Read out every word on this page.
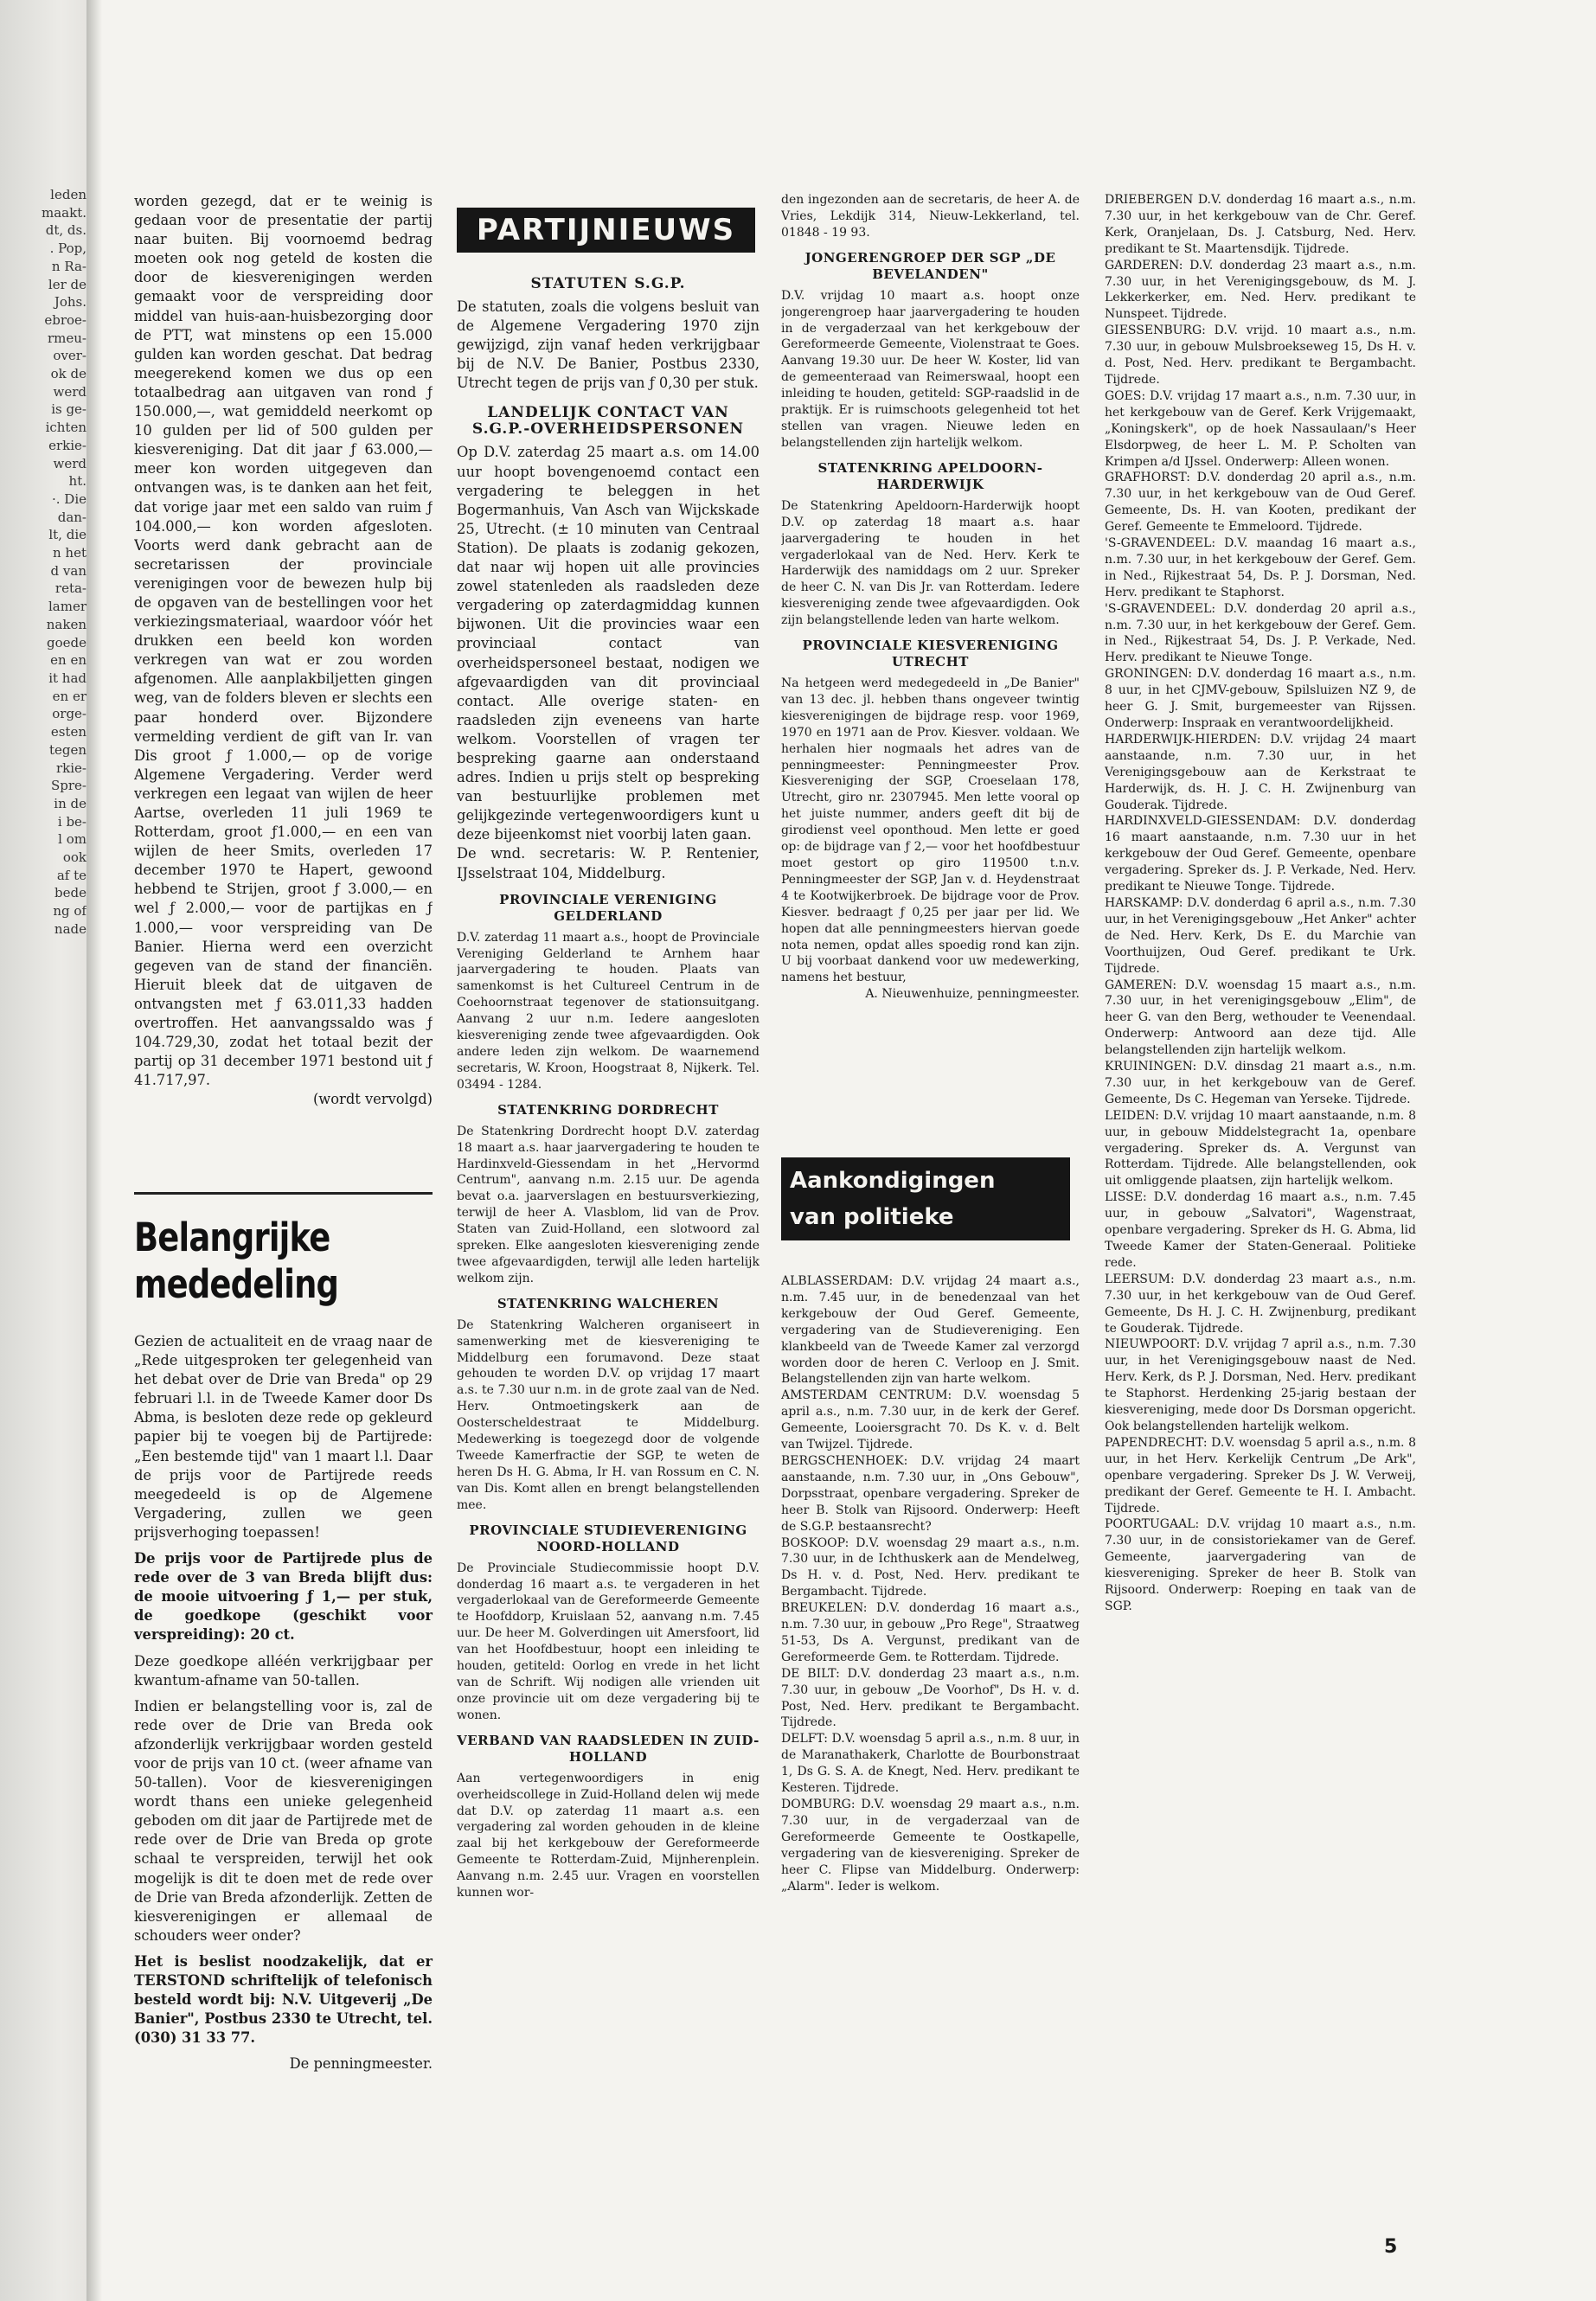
leden
maakt.
dt, ds.
. Pop,
n Ra-
ler de
Johs.
ebroe-
rmeu-
over-
ok de
werd
is ge-
ichten
erkie-
werd
ht.
·. Die
dan-
lt, die
n het
d van
reta-
lamer
naken
goede
en en
it had
en er
orge-
esten
tegen
rkie-
Spre-
in de
i be-
l om
ook
af te
bede
ng of
nade

worden gezegd, dat er te weinig is gedaan voor de presentatie der partij naar buiten. Bij voornoemd bedrag moeten ook nog geteld de kosten die door de kiesverenigingen werden gemaakt voor de verspreiding door middel van huis-aan-huisbezorging door de PTT, wat minstens op een 15.000 gulden kan worden geschat. Dat bedrag meegerekend komen we dus op een totaalbedrag aan uitgaven van rond ƒ 150.000,—, wat gemiddeld neerkomt op 10 gulden per lid of 500 gulden per kiesvereniging. Dat dit jaar ƒ 63.000,— meer kon worden uitgegeven dan ontvangen was, is te danken aan het feit, dat vorige jaar met een saldo van ruim ƒ 104.000,— kon worden afgesloten. Voorts werd dank gebracht aan de secretarissen der provinciale verenigingen voor de bewezen hulp bij de opgaven van de bestellingen voor het verkiezingsmateriaal, waardoor vóór het drukken een beeld kon worden verkregen van wat er zou worden afgenomen. Alle aanplakbiljetten gingen weg, van de folders bleven er slechts een paar honderd over. Bijzondere vermelding verdient de gift van Ir. van Dis groot ƒ 1.000,— op de vorige Algemene Vergadering. Verder werd verkregen een legaat van wijlen de heer Aartse, overleden 11 juli 1969 te Rotterdam, groot ƒ1.000,— en een van wijlen de heer Smits, overleden 17 december 1970 te Hapert, gewoond hebbend te Strijen, groot ƒ 3.000,— en wel ƒ 2.000,— voor de partijkas en ƒ 1.000,— voor verspreiding van De Banier. Hierna werd een overzicht gegeven van de stand der financiën. Hieruit bleek dat de uitgaven de ontvangsten met ƒ 63.011,33 hadden overtroffen. Het aanvangssaldo was ƒ 104.729,30, zodat het totaal bezit der partij op 31 december 1971 bestond uit ƒ 41.717,97.

(wordt vervolgd)
Belangrijke
mededeling

Gezien de actualiteit en de vraag naar de „Rede uitgesproken ter gelegenheid van het debat over de Drie van Breda" op 29 februari l.l. in de Tweede Kamer door Ds Abma, is besloten deze rede op gekleurd papier bij te voegen bij de Partijrede: „Een bestemde tijd" van 1 maart l.l. Daar de prijs voor de Partijrede reeds meegedeeld is op de Algemene Vergadering, zullen we geen prijsverhoging toepassen!

De prijs voor de Partijrede plus de rede over de 3 van Breda blijft dus: de mooie uitvoering ƒ 1,— per stuk, de goedkope (geschikt voor verspreiding): 20 ct.

Deze goedkope alléén verkrijgbaar per kwantum-afname van 50-tallen.

Indien er belangstelling voor is, zal de rede over de Drie van Breda ook afzonderlijk verkrijgbaar worden gesteld voor de prijs van 10 ct. (weer afname van 50-tallen). Voor de kiesverenigingen wordt thans een unieke gelegenheid geboden om dit jaar de Partijrede met de rede over de Drie van Breda op grote schaal te verspreiden, terwijl het ook mogelijk is dit te doen met de rede over de Drie van Breda afzonderlijk. Zetten de kiesverenigingen er allemaal de schouders weer onder?

Het is beslist noodzakelijk, dat er TERSTOND schriftelijk of telefonisch besteld wordt bij: N.V. Uitgeverij „De Banier", Postbus 2330 te Utrecht, tel. (030) 31 33 77.

De penningmeester.
PARTIJNIEUWS
STATUTEN S.G.P.

De statuten, zoals die volgens besluit van de Algemene Vergadering 1970 zijn gewijzigd, zijn vanaf heden verkrijgbaar bij de N.V. De Banier, Postbus 2330, Utrecht tegen de prijs van ƒ 0,30 per stuk.

LANDELIJK CONTACT VAN S.G.P.-OVERHEIDSPERSONEN

Op D.V. zaterdag 25 maart a.s. om 14.00 uur hoopt bovengenoemd contact een vergadering te beleggen in het Bogermanhuis, Van Asch van Wijckskade 25, Utrecht. (± 10 minuten van Centraal Station). De plaats is zodanig gekozen, dat naar wij hopen uit alle provincies zowel statenleden als raadsleden deze vergadering op zaterdagmiddag kunnen bijwonen. Uit die provincies waar een provinciaal contact van overheidspersoneel bestaat, nodigen we afgevaardigden van dit provinciaal contact. Alle overige staten- en raadsleden zijn eveneens van harte welkom. Voorstellen of vragen ter bespreking gaarne aan onderstaand adres. Indien u prijs stelt op bespreking van bestuurlijke problemen met gelijkgezinde vertegenwoordigers kunt u deze bijeenkomst niet voorbij laten gaan.

De wnd. secretaris: W. P. Rentenier, IJsselstraat 104, Middelburg.

PROVINCIALE VERENIGING GELDERLAND

D.V. zaterdag 11 maart a.s., hoopt de Provinciale Vereniging Gelderland te Arnhem haar jaarvergadering te houden. Plaats van samenkomst is het Cultureel Centrum in de Coehoornstraat tegenover de stationsuitgang. Aanvang 2 uur n.m. Iedere aangesloten kiesvereniging zende twee afgevaardigden. Ook andere leden zijn welkom. De waarnemend secretaris, W. Kroon, Hoogstraat 8, Nijkerk. Tel. 03494 - 1284.

STATENKRING DORDRECHT

De Statenkring Dordrecht hoopt D.V. zaterdag 18 maart a.s. haar jaarvergadering te houden te Hardinxveld-Giessendam in het „Hervormd Centrum", aanvang n.m. 2.15 uur. De agenda bevat o.a. jaarverslagen en bestuursverkiezing, terwijl de heer A. Vlasblom, lid van de Prov. Staten van Zuid-Holland, een slotwoord zal spreken. Elke aangesloten kiesvereniging zende twee afgevaardigden, terwijl alle leden hartelijk welkom zijn.

STATENKRING WALCHEREN

De Statenkring Walcheren organiseert in samenwerking met de kiesvereniging te Middelburg een forumavond. Deze staat gehouden te worden D.V. op vrijdag 17 maart a.s. te 7.30 uur n.m. in de grote zaal van de Ned. Herv. Ontmoetingskerk aan de Oosterscheldestraat te Middelburg. Medewerking is toegezegd door de volgende Tweede Kamerfractie der SGP, te weten de heren Ds H. G. Abma, Ir H. van Rossum en C. N. van Dis. Komt allen en brengt belangstellenden mee.

PROVINCIALE STUDIEVERENIGING NOORD-HOLLAND

De Provinciale Studiecommissie hoopt D.V. donderdag 16 maart a.s. te vergaderen in het vergaderlokaal van de Gereformeerde Gemeente te Hoofddorp, Kruislaan 52, aanvang n.m. 7.45 uur. De heer M. Golverdingen uit Amersfoort, lid van het Hoofdbestuur, hoopt een inleiding te houden, getiteld: Oorlog en vrede in het licht van de Schrift. Wij nodigen alle vrienden uit onze provincie uit om deze vergadering bij te wonen.

VERBAND VAN RAADSLEDEN IN ZUID-HOLLAND

Aan vertegenwoordigers in enig overheidscollege in Zuid-Holland delen wij mede dat D.V. op zaterdag 11 maart a.s. een vergadering zal worden gehouden in de kleine zaal bij het kerkgebouw der Gereformeerde Gemeente te Rotterdam-Zuid, Mijnherenplein. Aanvang n.m. 2.45 uur. Vragen en voorstellen kunnen wor-

den ingezonden aan de secretaris, de heer A. de Vries, Lekdijk 314, Nieuw-Lekkerland, tel. 01848 - 19 93.

JONGERENGROEP DER SGP „DE BEVELANDEN"

D.V. vrijdag 10 maart a.s. hoopt onze jongerengroep haar jaarvergadering te houden in de vergaderzaal van het kerkgebouw der Gereformeerde Gemeente, Violenstraat te Goes. Aanvang 19.30 uur. De heer W. Koster, lid van de gemeenteraad van Reimerswaal, hoopt een inleiding te houden, getiteld: SGP-raadslid in de praktijk. Er is ruimschoots gelegenheid tot het stellen van vragen. Nieuwe leden en belangstellenden zijn hartelijk welkom.

STATENKRING APELDOORN-HARDERWIJK

De Statenkring Apeldoorn-Harderwijk hoopt D.V. op zaterdag 18 maart a.s. haar jaarvergadering te houden in het vergaderlokaal van de Ned. Herv. Kerk te Harderwijk des namiddags om 2 uur. Spreker de heer C. N. van Dis Jr. van Rotterdam. Iedere kiesvereniging zende twee afgevaardigden. Ook zijn belangstellende leden van harte welkom.

PROVINCIALE KIESVERENIGING UTRECHT

Na hetgeen werd medegedeeld in „De Banier" van 13 dec. jl. hebben thans ongeveer twintig kiesverenigingen de bijdrage resp. voor 1969, 1970 en 1971 aan de Prov. Kiesver. voldaan. We herhalen hier nogmaals het adres van de penningmeester: Penningmeester Prov. Kiesvereniging der SGP, Croeselaan 178, Utrecht, giro nr. 2307945. Men lette vooral op het juiste nummer, anders geeft dit bij de girodienst veel oponthoud. Men lette er goed op: de bijdrage van ƒ 2,— voor het hoofdbestuur moet gestort op giro 119500 t.n.v. Penningmeester der SGP, Jan v. d. Heydenstraat 4 te Kootwijkerbroek. De bijdrage voor de Prov. Kiesver. bedraagt ƒ 0,25 per jaar per lid. We hopen dat alle penningmeesters hiervan goede nota nemen, opdat alles spoedig rond kan zijn. U bij voorbaat dankend voor uw medewerking, namens het bestuur,

A. Nieuwenhuize, penningmeester.
Aankondigingen
van politieke vergaderingen

ALBLASSERDAM: D.V. vrijdag 24 maart a.s., n.m. 7.45 uur, in de benedenzaal van het kerkgebouw der Oud Geref. Gemeente, vergadering van de Studievereniging. Een klankbeeld van de Tweede Kamer zal verzorgd worden door de heren C. Verloop en J. Smit. Belangstellenden zijn van harte welkom.

AMSTERDAM CENTRUM: D.V. woensdag 5 april a.s., n.m. 7.30 uur, in de kerk der Geref. Gemeente, Looiersgracht 70. Ds K. v. d. Belt van Twijzel. Tijdrede.

BERGSCHENHOEK: D.V. vrijdag 24 maart aanstaande, n.m. 7.30 uur, in „Ons Gebouw", Dorpsstraat, openbare vergadering. Spreker de heer B. Stolk van Rijsoord. Onderwerp: Heeft de S.G.P. bestaansrecht?

BOSKOOP: D.V. woensdag 29 maart a.s., n.m. 7.30 uur, in de Ichthuskerk aan de Mendelweg, Ds H. v. d. Post, Ned. Herv. predikant te Bergambacht. Tijdrede.

BREUKELEN: D.V. donderdag 16 maart a.s., n.m. 7.30 uur, in gebouw „Pro Rege", Straatweg 51-53, Ds A. Vergunst, predikant van de Gereformeerde Gem. te Rotterdam. Tijdrede.

DE BILT: D.V. donderdag 23 maart a.s., n.m. 7.30 uur, in gebouw „De Voorhof", Ds H. v. d. Post, Ned. Herv. predikant te Bergambacht. Tijdrede.

DELFT: D.V. woensdag 5 april a.s., n.m. 8 uur, in de Maranathakerk, Charlotte de Bourbonstraat 1, Ds G. S. A. de Knegt, Ned. Herv. predikant te Kesteren. Tijdrede.

DOMBURG: D.V. woensdag 29 maart a.s., n.m. 7.30 uur, in de vergaderzaal van de Gereformeerde Gemeente te Oostkapelle, vergadering van de kiesvereniging. Spreker de heer C. Flipse van Middelburg. Onderwerp: „Alarm". Ieder is welkom.

DRIEBERGEN D.V. donderdag 16 maart a.s., n.m. 7.30 uur, in het kerkgebouw van de Chr. Geref. Kerk, Oranjelaan, Ds. J. Catsburg, Ned. Herv. predikant te St. Maartensdijk. Tijdrede.

GARDEREN: D.V. donderdag 23 maart a.s., n.m. 7.30 uur, in het Verenigingsgebouw, ds M. J. Lekkerkerker, em. Ned. Herv. predikant te Nunspeet. Tijdrede.

GIESSENBURG: D.V. vrijd. 10 maart a.s., n.m. 7.30 uur, in gebouw Mulsbroekseweg 15, Ds H. v. d. Post, Ned. Herv. predikant te Bergambacht. Tijdrede.

GOES: D.V. vrijdag 17 maart a.s., n.m. 7.30 uur, in het kerkgebouw van de Geref. Kerk Vrijgemaakt, „Koningskerk", op de hoek Nassaulaan/'s Heer Elsdorpweg, de heer L. M. P. Scholten van Krimpen a/d IJssel. Onderwerp: Alleen wonen.

GRAFHORST: D.V. donderdag 20 april a.s., n.m. 7.30 uur, in het kerkgebouw van de Oud Geref. Gemeente, Ds. H. van Kooten, predikant der Geref. Gemeente te Emmeloord. Tijdrede.

'S-GRAVENDEEL: D.V. maandag 16 maart a.s., n.m. 7.30 uur, in het kerkgebouw der Geref. Gem. in Ned., Rijkestraat 54, Ds. P. J. Dorsman, Ned. Herv. predikant te Staphorst.

'S-GRAVENDEEL: D.V. donderdag 20 april a.s., n.m. 7.30 uur, in het kerkgebouw der Geref. Gem. in Ned., Rijkestraat 54, Ds. J. P. Verkade, Ned. Herv. predikant te Nieuwe Tonge.

GRONINGEN: D.V. donderdag 16 maart a.s., n.m. 8 uur, in het CJMV-gebouw, Spilsluizen NZ 9, de heer G. J. Smit, burgemeester van Rijssen. Onderwerp: Inspraak en verantwoordelijkheid.

HARDERWIJK-HIERDEN: D.V. vrijdag 24 maart aanstaande, n.m. 7.30 uur, in het Verenigingsgebouw aan de Kerkstraat te Harderwijk, ds. H. J. C. H. Zwijnenburg van Gouderak. Tijdrede.

HARDINXVELD-GIESSENDAM: D.V. donderdag 16 maart aanstaande, n.m. 7.30 uur in het kerkgebouw der Oud Geref. Gemeente, openbare vergadering. Spreker ds. J. P. Verkade, Ned. Herv. predikant te Nieuwe Tonge. Tijdrede.

HARSKAMP: D.V. donderdag 6 april a.s., n.m. 7.30 uur, in het Verenigingsgebouw „Het Anker" achter de Ned. Herv. Kerk, Ds E. du Marchie van Voorthuijzen, Oud Geref. predikant te Urk. Tijdrede.

GAMEREN: D.V. woensdag 15 maart a.s., n.m. 7.30 uur, in het verenigingsgebouw „Elim", de heer G. van den Berg, wethouder te Veenendaal. Onderwerp: Antwoord aan deze tijd. Alle belangstellenden zijn hartelijk welkom.

KRUININGEN: D.V. dinsdag 21 maart a.s., n.m. 7.30 uur, in het kerkgebouw van de Geref. Gemeente, Ds C. Hegeman van Yerseke. Tijdrede.

LEIDEN: D.V. vrijdag 10 maart aanstaande, n.m. 8 uur, in gebouw Middelstegracht 1a, openbare vergadering. Spreker ds. A. Vergunst van Rotterdam. Tijdrede. Alle belangstellenden, ook uit omliggende plaatsen, zijn hartelijk welkom.

LISSE: D.V. donderdag 16 maart a.s., n.m. 7.45 uur, in gebouw „Salvatori", Wagenstraat, openbare vergadering. Spreker ds H. G. Abma, lid Tweede Kamer der Staten-Generaal. Politieke rede.

LEERSUM: D.V. donderdag 23 maart a.s., n.m. 7.30 uur, in het kerkgebouw van de Oud Geref. Gemeente, Ds H. J. C. H. Zwijnenburg, predikant te Gouderak. Tijdrede.

NIEUWPOORT: D.V. vrijdag 7 april a.s., n.m. 7.30 uur, in het Verenigingsgebouw naast de Ned. Herv. Kerk, ds P. J. Dorsman, Ned. Herv. predikant te Staphorst. Herdenking 25-jarig bestaan der kiesvereniging, mede door Ds Dorsman opgericht. Ook belangstellenden hartelijk welkom.

PAPENDRECHT: D.V. woensdag 5 april a.s., n.m. 8 uur, in het Herv. Kerkelijk Centrum „De Ark", openbare vergadering. Spreker Ds J. W. Verweij, predikant der Geref. Gemeente te H. I. Ambacht. Tijdrede.

POORTUGAAL: D.V. vrijdag 10 maart a.s., n.m. 7.30 uur, in de consistoriekamer van de Geref. Gemeente, jaarvergadering van de kiesvereniging. Spreker de heer B. Stolk van Rijsoord. Onderwerp: Roeping en taak van de SGP.

5
